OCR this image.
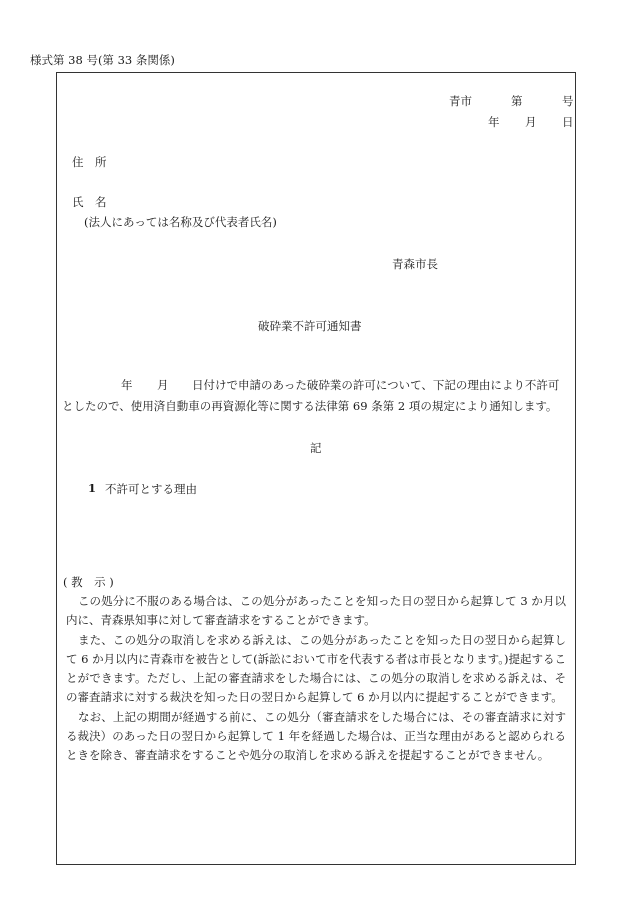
様式第 38 号(第 33 条関係)
青市	第	号
年 月 日
住　所
氏　名
(法人にあっては名称及び代表者氏名)
青森市長
破砕業不許可通知書
年 月 日付けで申請のあった破砕業の許可について、下記の理由により不許可
としたので、使用済自動車の再資源化等に関する法律第 69 条第 2 項の規定により通知します。
記
1 不許可とする理由
( 教　示 )

この処分に不服のある場合は、この処分があったことを知った日の翌日から起算して 3 か月以内に、青森県知事に対して審査請求をすることができます。

また、この処分の取消しを求める訴えは、この処分があったことを知った日の翌日から起算して 6 か月以内に青森市を被告として(訴訟において市を代表する者は市長となります。)提起することができます。ただし、上記の審査請求をした場合には、この処分の取消しを求める訴えは、その審査請求に対する裁決を知った日の翌日から起算して 6 か月以内に提起することができます。

なお、上記の期間が経過する前に、この処分（審査請求をした場合には、その審査請求に対する裁決）のあった日の翌日から起算して 1 年を経過した場合は、正当な理由があると認められるときを除き、審査請求をすることや処分の取消しを求める訴えを提起することができません。
